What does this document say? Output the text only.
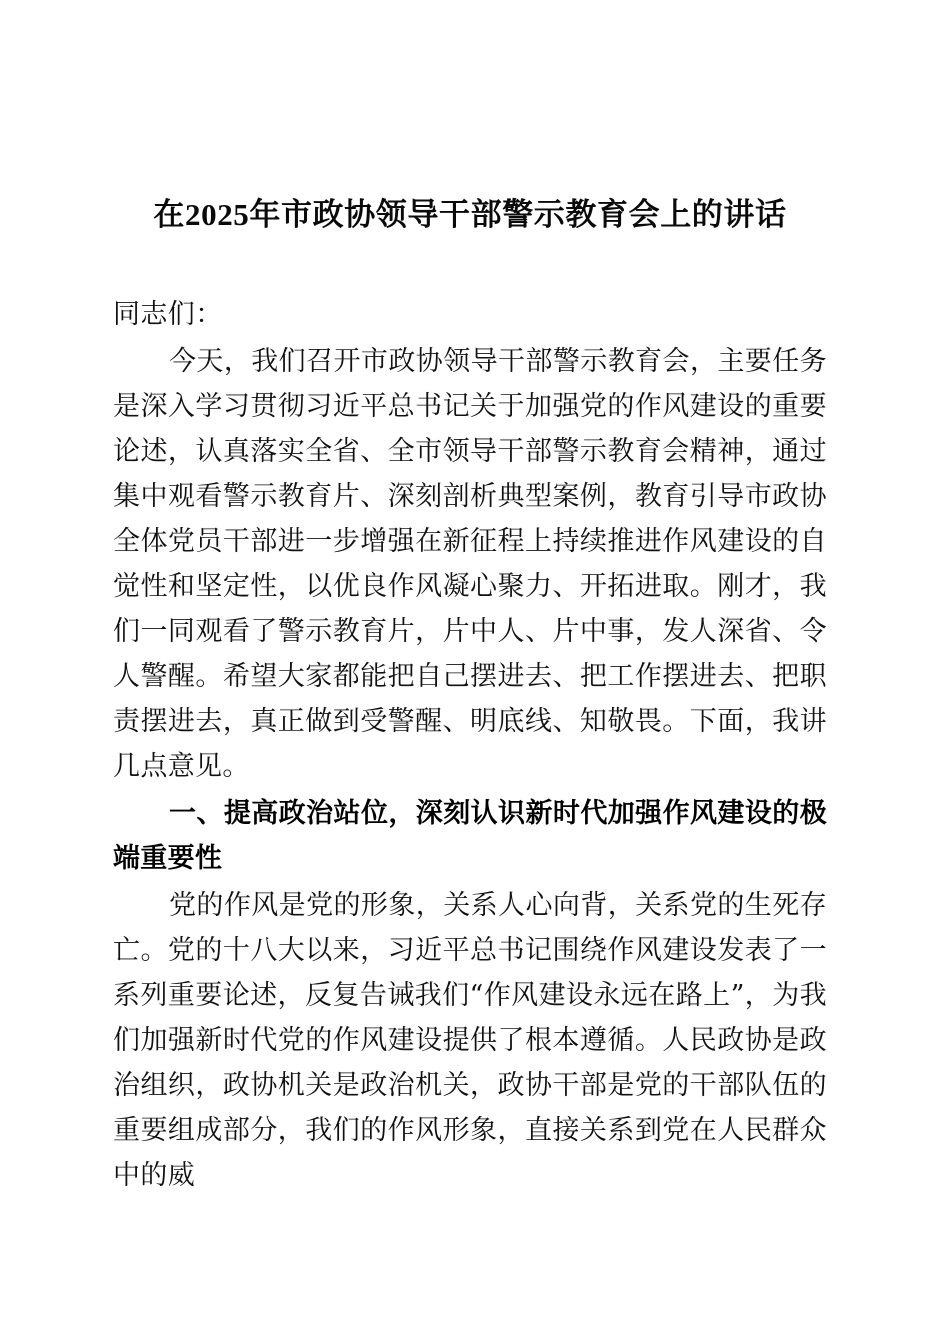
在2025年市政协领导干部警示教育会上的讲话

同志们：

今天，我们召开市政协领导干部警示教育会，主要任务是深入学习贯彻习近平总书记关于加强党的作风建设的重要论述，认真落实全省、全市领导干部警示教育会精神，通过集中观看警示教育片、深刻剖析典型案例，教育引导市政协全体党员干部进一步增强在新征程上持续推进作风建设的自觉性和坚定性，以优良作风凝心聚力、开拓进取。刚才，我们一同观看了警示教育片，片中人、片中事，发人深省、令人警醒。希望大家都能把自己摆进去、把工作摆进去、把职责摆进去，真正做到受警醒、明底线、知敬畏。下面，我讲几点意见。

一、提高政治站位，深刻认识新时代加强作风建设的极端重要性

党的作风是党的形象，关系人心向背，关系党的生死存亡。党的十八大以来，习近平总书记围绕作风建设发表了一系列重要论述，反复告诫我们“作风建设永远在路上”，为我们加强新时代党的作风建设提供了根本遵循。人民政协是政治组织，政协机关是政治机关，政协干部是党的干部队伍的重要组成部分，我们的作风形象，直接关系到党在人民群众中的威
